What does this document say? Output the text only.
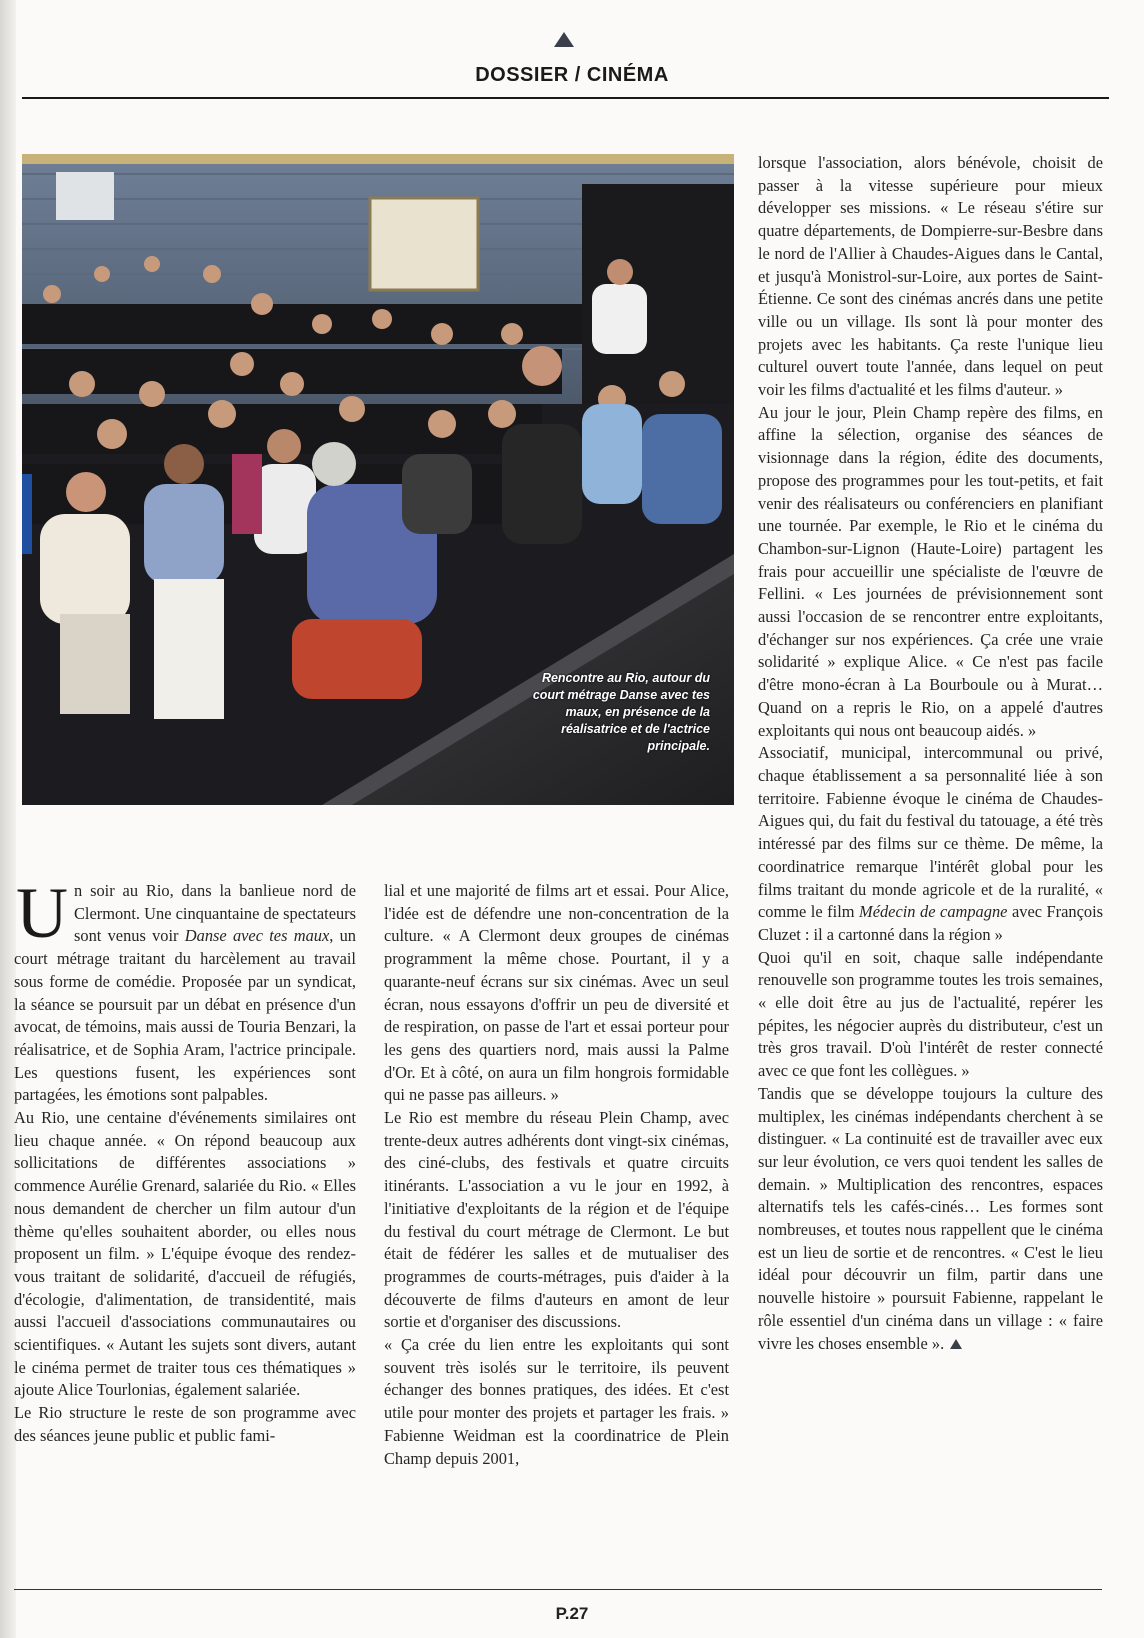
DOSSIER / CINÉMA
Rencontre au Rio, autour du court métrage Danse avec tes maux, en présence de la réalisatrice et de l'actrice principale.

Un soir au Rio, dans la banlieue nord de Clermont. Une cinquantaine de spectateurs sont venus voir Danse avec tes maux, un court métrage traitant du harcèlement au travail sous forme de comédie. Proposée par un syndicat, la séance se poursuit par un débat en présence d'un avocat, de témoins, mais aussi de Touria Benzari, la réalisatrice, et de Sophia Aram, l'actrice principale. Les questions fusent, les expériences sont partagées, les émotions sont palpables.

Au Rio, une centaine d'événements similaires ont lieu chaque année. « On répond beaucoup aux sollicitations de différentes associations » commence Aurélie Grenard, salariée du Rio. « Elles nous demandent de chercher un film autour d'un thème qu'elles souhaitent aborder, ou elles nous proposent un film. » L'équipe évoque des rendez-vous traitant de solidarité, d'accueil de réfugiés, d'écologie, d'alimentation, de transidentité, mais aussi l'accueil d'associations communautaires ou scientifiques. « Autant les sujets sont divers, autant le cinéma permet de traiter tous ces thématiques » ajoute Alice Tourlonias, également salariée.

Le Rio structure le reste de son programme avec des séances jeune public et public fami-

lial et une majorité de films art et essai. Pour Alice, l'idée est de défendre une non-concentration de la culture. « A Clermont deux groupes de cinémas programment la même chose. Pourtant, il y a quarante-neuf écrans sur six cinémas. Avec un seul écran, nous essayons d'offrir un peu de diversité et de respiration, on passe de l'art et essai porteur pour les gens des quartiers nord, mais aussi la Palme d'Or. Et à côté, on aura un film hongrois formidable qui ne passe pas ailleurs. »

Le Rio est membre du réseau Plein Champ, avec trente-deux autres adhérents dont vingt-six cinémas, des ciné-clubs, des festivals et quatre circuits itinérants. L'association a vu le jour en 1992, à l'initiative d'exploitants de la région et de l'équipe du festival du court métrage de Clermont. Le but était de fédérer les salles et de mutualiser des programmes de courts-métrages, puis d'aider à la découverte de films d'auteurs en amont de leur sortie et d'organiser des discussions.

« Ça crée du lien entre les exploitants qui sont souvent très isolés sur le territoire, ils peuvent échanger des bonnes pratiques, des idées. Et c'est utile pour monter des projets et partager les frais. » Fabienne Weidman est la coordinatrice de Plein Champ depuis 2001,

lorsque l'association, alors bénévole, choisit de passer à la vitesse supérieure pour mieux développer ses missions. « Le réseau s'étire sur quatre départements, de Dompierre-sur-Besbre dans le nord de l'Allier à Chaudes-Aigues dans le Cantal, et jusqu'à Monistrol-sur-Loire, aux portes de Saint-Étienne. Ce sont des cinémas ancrés dans une petite ville ou un village. Ils sont là pour monter des projets avec les habitants. Ça reste l'unique lieu culturel ouvert toute l'année, dans lequel on peut voir les films d'actualité et les films d'auteur. »

Au jour le jour, Plein Champ repère des films, en affine la sélection, organise des séances de visionnage dans la région, édite des documents, propose des programmes pour les tout-petits, et fait venir des réalisateurs ou conférenciers en planifiant une tournée. Par exemple, le Rio et le cinéma du Chambon-sur-Lignon (Haute-Loire) partagent les frais pour accueillir une spécialiste de l'œuvre de Fellini. « Les journées de prévisionnement sont aussi l'occasion de se rencontrer entre exploitants, d'échanger sur nos expériences. Ça crée une vraie solidarité » explique Alice. « Ce n'est pas facile d'être mono-écran à La Bourboule ou à Murat… Quand on a repris le Rio, on a appelé d'autres exploitants qui nous ont beaucoup aidés. »

Associatif, municipal, intercommunal ou privé, chaque établissement a sa personnalité liée à son territoire. Fabienne évoque le cinéma de Chaudes-Aigues qui, du fait du festival du tatouage, a été très intéressé par des films sur ce thème. De même, la coordinatrice remarque l'intérêt global pour les films traitant du monde agricole et de la ruralité, « comme le film Médecin de campagne avec François Cluzet : il a cartonné dans la région »

Quoi qu'il en soit, chaque salle indépendante renouvelle son programme toutes les trois semaines, « elle doit être au jus de l'actualité, repérer les pépites, les négocier auprès du distributeur, c'est un très gros travail. D'où l'intérêt de rester connecté avec ce que font les collègues. »

Tandis que se développe toujours la culture des multiplex, les cinémas indépendants cherchent à se distinguer. « La continuité est de travailler avec eux sur leur évolution, ce vers quoi tendent les salles de demain. » Multiplication des rencontres, espaces alternatifs tels les cafés-cinés… Les formes sont nombreuses, et toutes nous rappellent que le cinéma est un lieu de sortie et de rencontres. « C'est le lieu idéal pour découvrir un film, partir dans une nouvelle histoire » poursuit Fabienne, rappelant le rôle essentiel d'un cinéma dans un village : « faire vivre les choses ensemble ».

P.27
